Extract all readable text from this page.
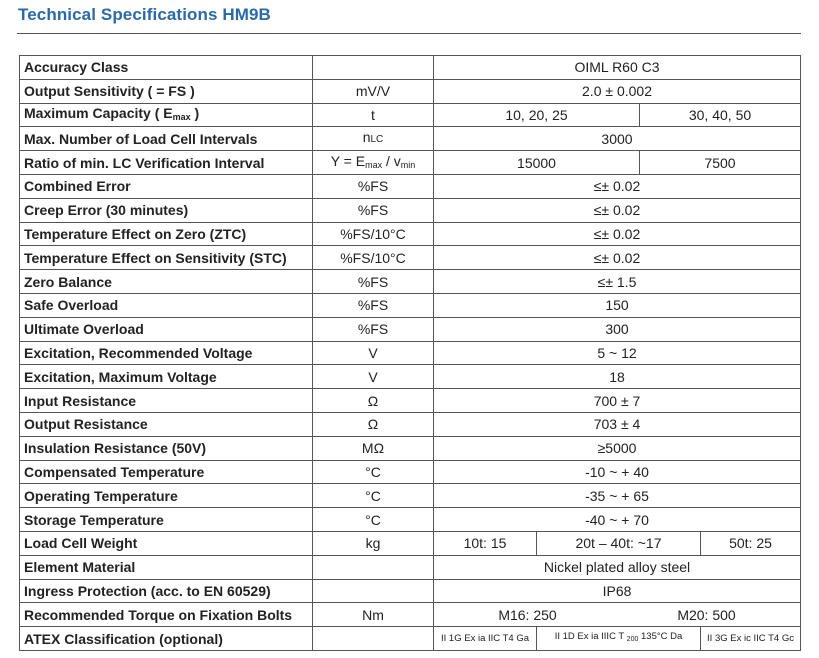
Technical Specifications HM9B
Accuracy Class		OIML R60 C3			
Output Sensitivity ( = FS )	mV/V	2.0 ± 0.002			
Maximum Capacity ( $E_{max}$ )	t	10, 20, 25		30, 40, 50	
Max. Number of Load Cell Intervals	nLC	3000			
Ratio of min. LC Verification Interval	$Y = E_{max} / v_{min}$	15000		7500	
Combined Error	%FS	≤± 0.02			
Creep Error (30 minutes)	%FS	≤± 0.02			
Temperature Effect on Zero (ZTC)	%FS/10°C	≤± 0.02			
Temperature Effect on Sensitivity (STC)	%FS/10°C	≤± 0.02			
Zero Balance	%FS	≤± 1.5			
Safe Overload	%FS	150			
Ultimate Overload	%FS	300			
Excitation, Recommended Voltage	V	5 ~ 12			
Excitation, Maximum Voltage	V	18			
Input Resistance	Ω	700 ± 7			
Output Resistance	Ω	703 ± 4			
Insulation Resistance (50V)	MΩ	≥5000			
Compensated Temperature	°C	-10 ~ + 40			
Operating Temperature	°C	-35 ~ + 65			
Storage Temperature	°C	-40 ~ + 70			
Load Cell Weight	kg	10t: 15	20t – 40t: ~17		50t: 25
Element Material		Nickel plated alloy steel			
Ingress Protection (acc. to EN 60529)		IP68			
Recommended Torque on Fixation Bolts	Nm	M16: 250 M20: 500			

ATEX Classification (optional)		II 1G Ex ia IIC T4 Ga	II 1D Ex ia IIIC T $_{200}$ 135°C Da		II 3G Ex ic IIC T4 Gc
